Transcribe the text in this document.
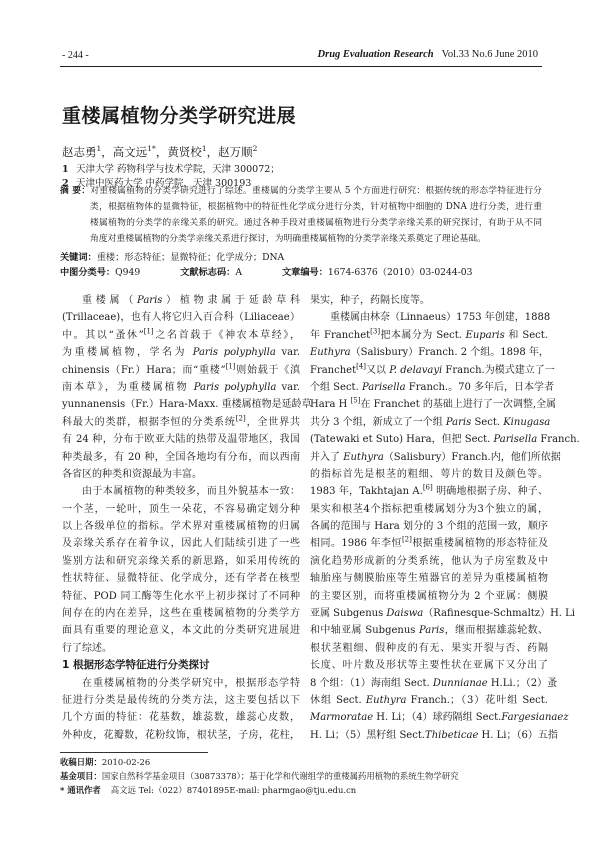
- 244 -	Drug Evaluation Research Vol.33 No.6 June 2010
重楼属植物分类学研究进展
赵志勇$^1$，高文远$^{1*}$，黄贤校$^1$，赵万顺$^2$
1 天津大学 药物科学与技术学院，天津 300072；
2 天津中医药大学 中药学院，天津 300193
摘 要：对重楼属植物的分类学研究进行了综述。重楼属的分类学主要从 5 个方面进行研究：根据传统的形态学特征进行分
类，根据植物体的显微特征，根据植物中的特征性化学成分进行分类，针对植物中细胞的 DNA 进行分类，进行重
楼属植物的分类学的亲缘关系的研究。通过各种手段对重楼属植物进行分类学亲缘关系的研究探讨，有助于从不同
角度对重楼属植物的分类学亲缘关系进行探讨，为明确重楼属植物的分类学亲缘关系奠定了理论基础。
关键词：重楼；形态特征；显微特征；化学成分；DNA
中图分类号：Q949	文献标志码：A	文章编号：1674-6376（2010）03-0244-03
重楼属（Paris）植物隶属于延龄草科
(Trillaceae)，也有人将它归入百合科（Liliaceae）
中。其以“蚤休”[1]之名首载于《神农本草经》，
为重楼属植物，学名为 Paris polyphylla var.
chinensis（Fr.）Hara；而“重楼”[1]则始载于《滇
南本草》，为重楼属植物 Paris polyphylla var.
yunnanensis（Fr.）Hara-Maxx. 重楼属植物是延龄草
科最大的类群，根据李恒的分类系统[2]，全世界共
有 24 种，分布于欧亚大陆的热带及温带地区，我国
种类最多，有 20 种，全国各地均有分布，而以西南
各省区的种类和资源最为丰富。
由于本属植物的种类较多，而且外貌基本一致：
一个茎，一轮叶，顶生一朵花，不容易确定划分种
以上各级单位的指标。学术界对重楼属植物的归属
及亲缘关系存在着争议，因此人们陆续引进了一些
鉴别方法和研究亲缘关系的新思路，如采用传统的
性状特征、显微特征、化学成分，还有学者在核型
特征、POD 同工酶等生化水平上初步探讨了不同种
间存在的内在差异，这些在重楼属植物的分类学方
面具有重要的理论意义，本文此的分类研究进展进
行了综述。
1 根据形态学特征进行分类探讨
在重楼属植物的分类学研究中，根据形态学特
征进行分类是最传统的分类方法，这主要包括以下
几个方面的特征：花基数，雄蕊数，雄蕊心皮数，
外种皮，花瓣数，花粉纹饰，根状茎，子房，花柱，
果实，种子，药隔长度等。
重楼属由林奈（Linnaeus）1753 年创建，1888
年 Franchet[3]把本属分为 Sect. Euparis 和 Sect.
Euthyra（Salisbury）Franch. 2 个组。1898 年，
Franchet[4]又以 P. delavayi Franch.为模式建立了一
个组 Sect. Parisella Franch.。70 多年后，日本学者
Hara H [5]在 Franchet 的基础上进行了一次调整,全属
共分 3 个组，新成立了一个组 Paris Sect. Kinugasa
(Tatewaki et Suto) Hara，但把 Sect. Parisella Franch.
并入了 Euthyra（Salisbury）Franch.内，他们所依据
的指标首先是根茎的粗细、萼片的数目及颜色等。
1983 年，Takhtajan A.[6] 明确地根据子房、种子、
果实和根茎4个指标把重楼属划分为3个独立的属，
各属的范围与 Hara 划分的 3 个组的范围一致，顺序
相同。1986 年李恒[2]根据重楼属植物的形态特征及
演化趋势形成新的分类系统，他认为子房室数及中
轴胎座与侧膜胎座等生殖器官的差异为重楼属植物
的主要区别，而将重楼属植物分为 2 个亚属：侧膜
亚属 Subgenus Daiswa（Rafinesque-Schmaltz）H. Li
和中轴亚属 Subgenus Paris，继而根据雄蕊轮数、
根状茎粗细、假种皮的有无、果实开裂与否、药隔
长度、叶片数及形状等主要性状在亚属下又分出了
8 个组：（1）海南组 Sect. Dunnianae H.Li.；（2）蚤
休组 Sect. Euthyra Franch.；（3）花叶组 Sect.
Marmoratae H. Li；（4）球药隔组 Sect.Fargesianaez
H. Li；（5）黑籽组 Sect.Thibeticae H. Li；（6）五指
收稿日期：2010-02-26
基金项目：国家自然科学基金项目（30873378）；基于化学和代谢组学的重楼属药用植物的系统生物学研究
* 通讯作者 高文远 Tel:（022）87401895E-mail: pharmgao@tju.edu.cn
